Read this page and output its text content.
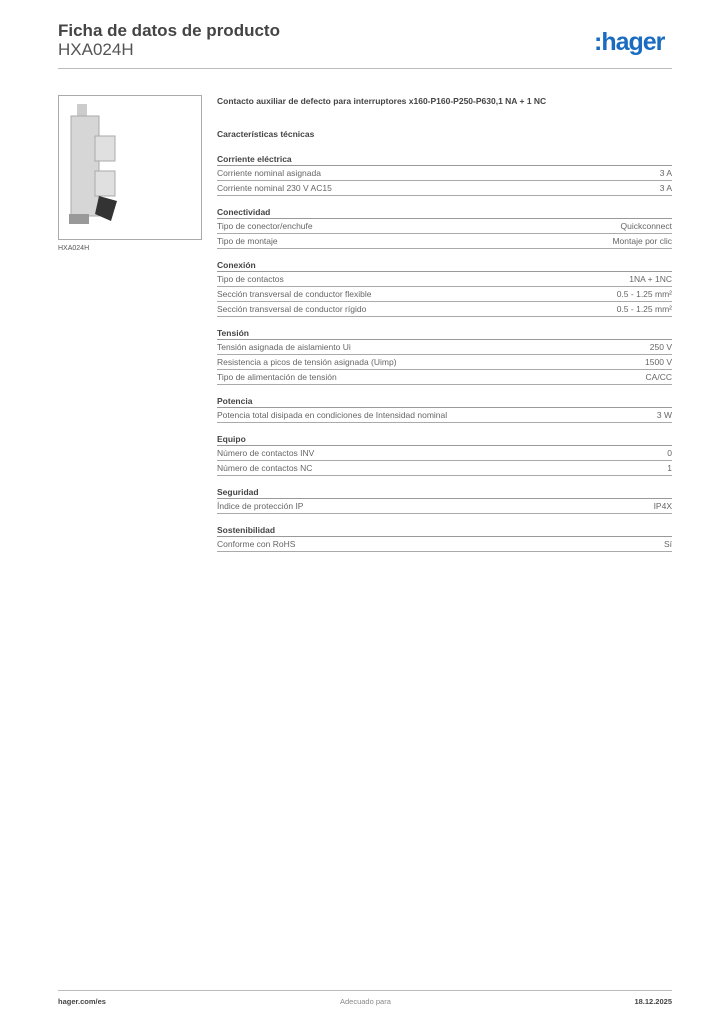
Ficha de datos de producto
HXA024H	:hager
HXA024H
Contacto auxiliar de defecto para interruptores x160-P160-P250-P630,1 NA + 1 NC
Características técnicas
Corriente eléctrica
Corriente nominal asignada	3 A
Corriente nominal 230 V AC15	3 A
Conectividad
Tipo de conector/enchufe	Quickconnect
Tipo de montaje	Montaje por clic
Conexión
Tipo de contactos	1NA + 1NC
Sección transversal de conductor flexible	0.5 - 1.25 mm²
Sección transversal de conductor rígido	0.5 - 1.25 mm²
Tensión
Tensión asignada de aislamiento Ui	250 V
Resistencia a picos de tensión asignada (Uimp)	1500 V
Tipo de alimentación de tensión	CA/CC
Potencia
Potencia total disipada en condiciones de Intensidad nominal	3 W
Equipo
Número de contactos INV	0
Número de contactos NC	1
Seguridad
Índice de protección IP	IP4X
Sostenibilidad
Conforme con RoHS	Sí
hager.com/es	Adecuado para	18.12.2025
